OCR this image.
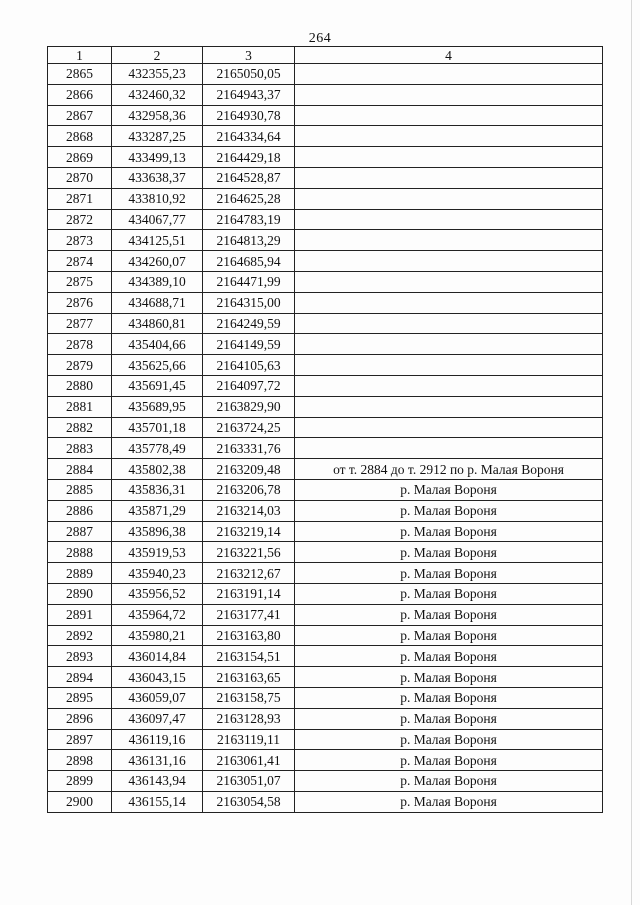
264
1	2	3	4
2865	432355,23	2165050,05	
2866	432460,32	2164943,37	
2867	432958,36	2164930,78	
2868	433287,25	2164334,64	
2869	433499,13	2164429,18	
2870	433638,37	2164528,87	
2871	433810,92	2164625,28	
2872	434067,77	2164783,19	
2873	434125,51	2164813,29	
2874	434260,07	2164685,94	
2875	434389,10	2164471,99	
2876	434688,71	2164315,00	
2877	434860,81	2164249,59	
2878	435404,66	2164149,59	
2879	435625,66	2164105,63	
2880	435691,45	2164097,72	
2881	435689,95	2163829,90	
2882	435701,18	2163724,25	
2883	435778,49	2163331,76	
2884	435802,38	2163209,48	от т. 2884 до т. 2912 по р. Малая Вороня
2885	435836,31	2163206,78	р. Малая Вороня
2886	435871,29	2163214,03	р. Малая Вороня
2887	435896,38	2163219,14	р. Малая Вороня
2888	435919,53	2163221,56	р. Малая Вороня
2889	435940,23	2163212,67	р. Малая Вороня
2890	435956,52	2163191,14	р. Малая Вороня
2891	435964,72	2163177,41	р. Малая Вороня
2892	435980,21	2163163,80	р. Малая Вороня
2893	436014,84	2163154,51	р. Малая Вороня
2894	436043,15	2163163,65	р. Малая Вороня
2895	436059,07	2163158,75	р. Малая Вороня
2896	436097,47	2163128,93	р. Малая Вороня
2897	436119,16	2163119,11	р. Малая Вороня
2898	436131,16	2163061,41	р. Малая Вороня
2899	436143,94	2163051,07	р. Малая Вороня
2900	436155,14	2163054,58	р. Малая Вороня
